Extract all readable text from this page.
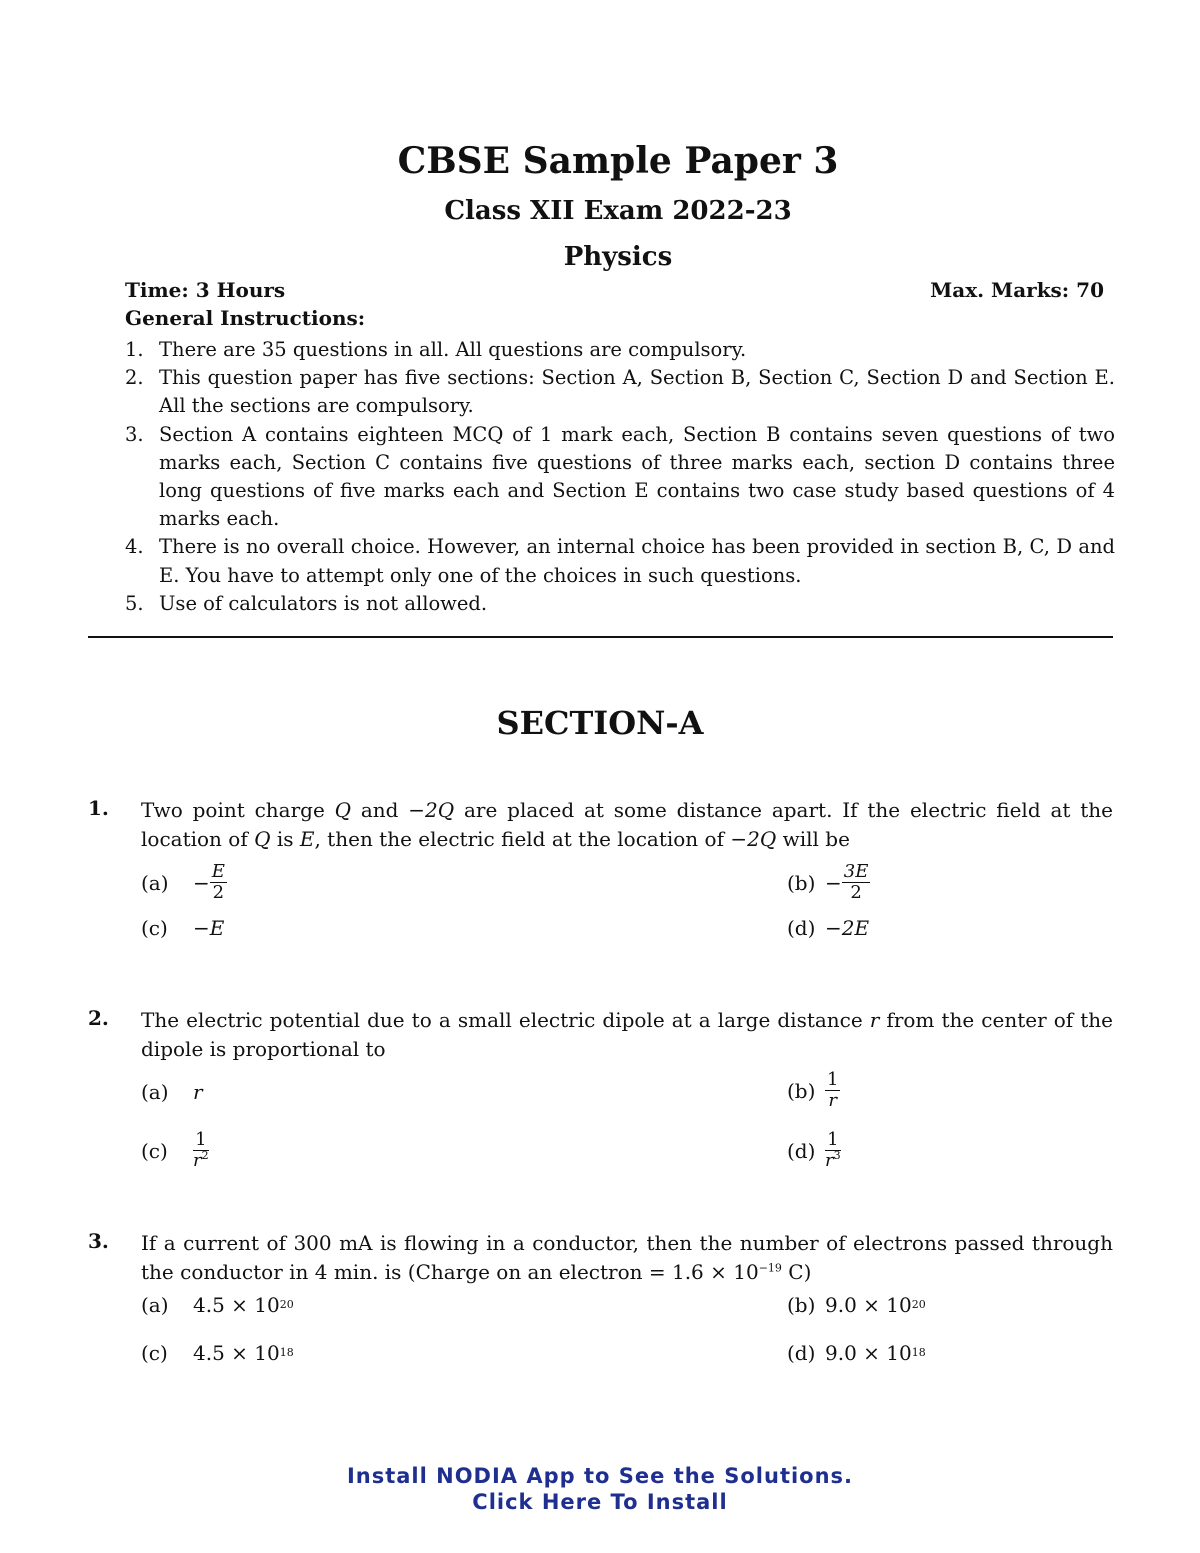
CBSE Sample Paper 3
Class XII Exam 2022-23
Physics
Time: 3 Hours	Max. Marks: 70
General Instructions:
1. There are 35 questions in all. All questions are compulsory.
2. This question paper has five sections: Section A, Section B, Section C, Section D and Section E. All the sections are compulsory.
3. Section A contains eighteen MCQ of 1 mark each, Section B contains seven questions of two marks each, Section C contains five questions of three marks each, section D contains three long questions of five marks each and Section E contains two case study based questions of 4 marks each.
4. There is no overall choice. However, an internal choice has been provided in section B, C, D and E. You have to attempt only one of the choices in such questions.
5. Use of calculators is not allowed.
SECTION-A
1. Two point charge Q and −2Q are placed at some distance apart. If the electric field at the location of Q is E, then the electric field at the location of −2Q will be
(a)	− $\frac{E}{2}$	$(b) - \frac{3E}{2}$
(c)	−E	(d) −2E
2. The electric potential due to a small electric dipole at a large distance r from the center of the dipole is proportional to
(a)	r	$(b) \frac{1}{r}$
(c)	$\frac{1}{r^2}$	$(d) \frac{1}{r^3}$
3. If a current of 300 mA is flowing in a conductor, then the number of electrons passed through the conductor in 4 min. is (Charge on an electron = $1.6 \times 10^{-19}$ C)
(a)	4.5 × 10 20	(b) 9.0 × 10 20
(c)	4.5 × 10 18	(d) 9.0 × 10 18
Install NODIA App to See the Solutions.
Click Here To Install
